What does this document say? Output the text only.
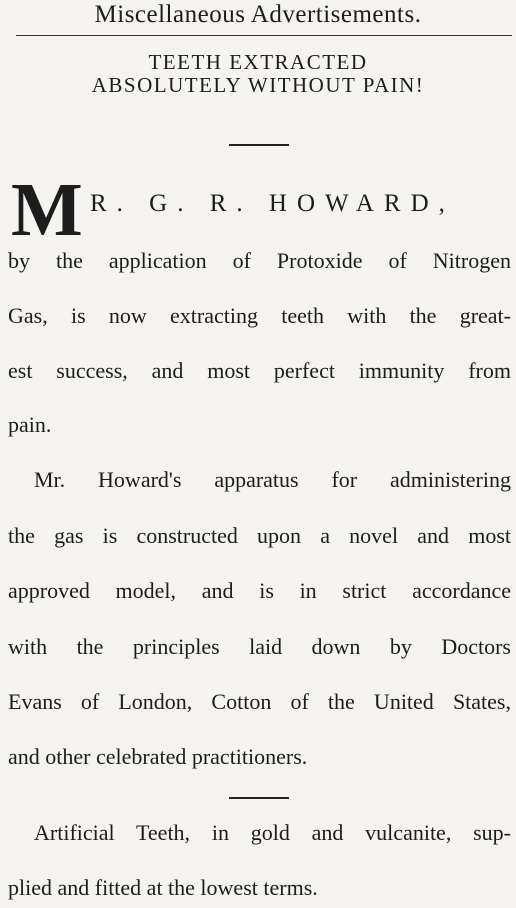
Miscellaneous Advertisements.
TEETH EXTRACTED
ABSOLUTELY WITHOUT PAIN!
M R. G. R. HOWARD,
by the application of Protoxide of Nitrogen
Gas, is now extracting teeth with the great-
est success, and most perfect immunity from
pain.
Mr. Howard's apparatus for administering
the gas is constructed upon a novel and most
approved model, and is in strict accordance
with the principles laid down by Doctors
Evans of London, Cotton of the United States,
and other celebrated practitioners.
Artificial Teeth, in gold and vulcanite, sup-
plied and fitted at the lowest terms.
